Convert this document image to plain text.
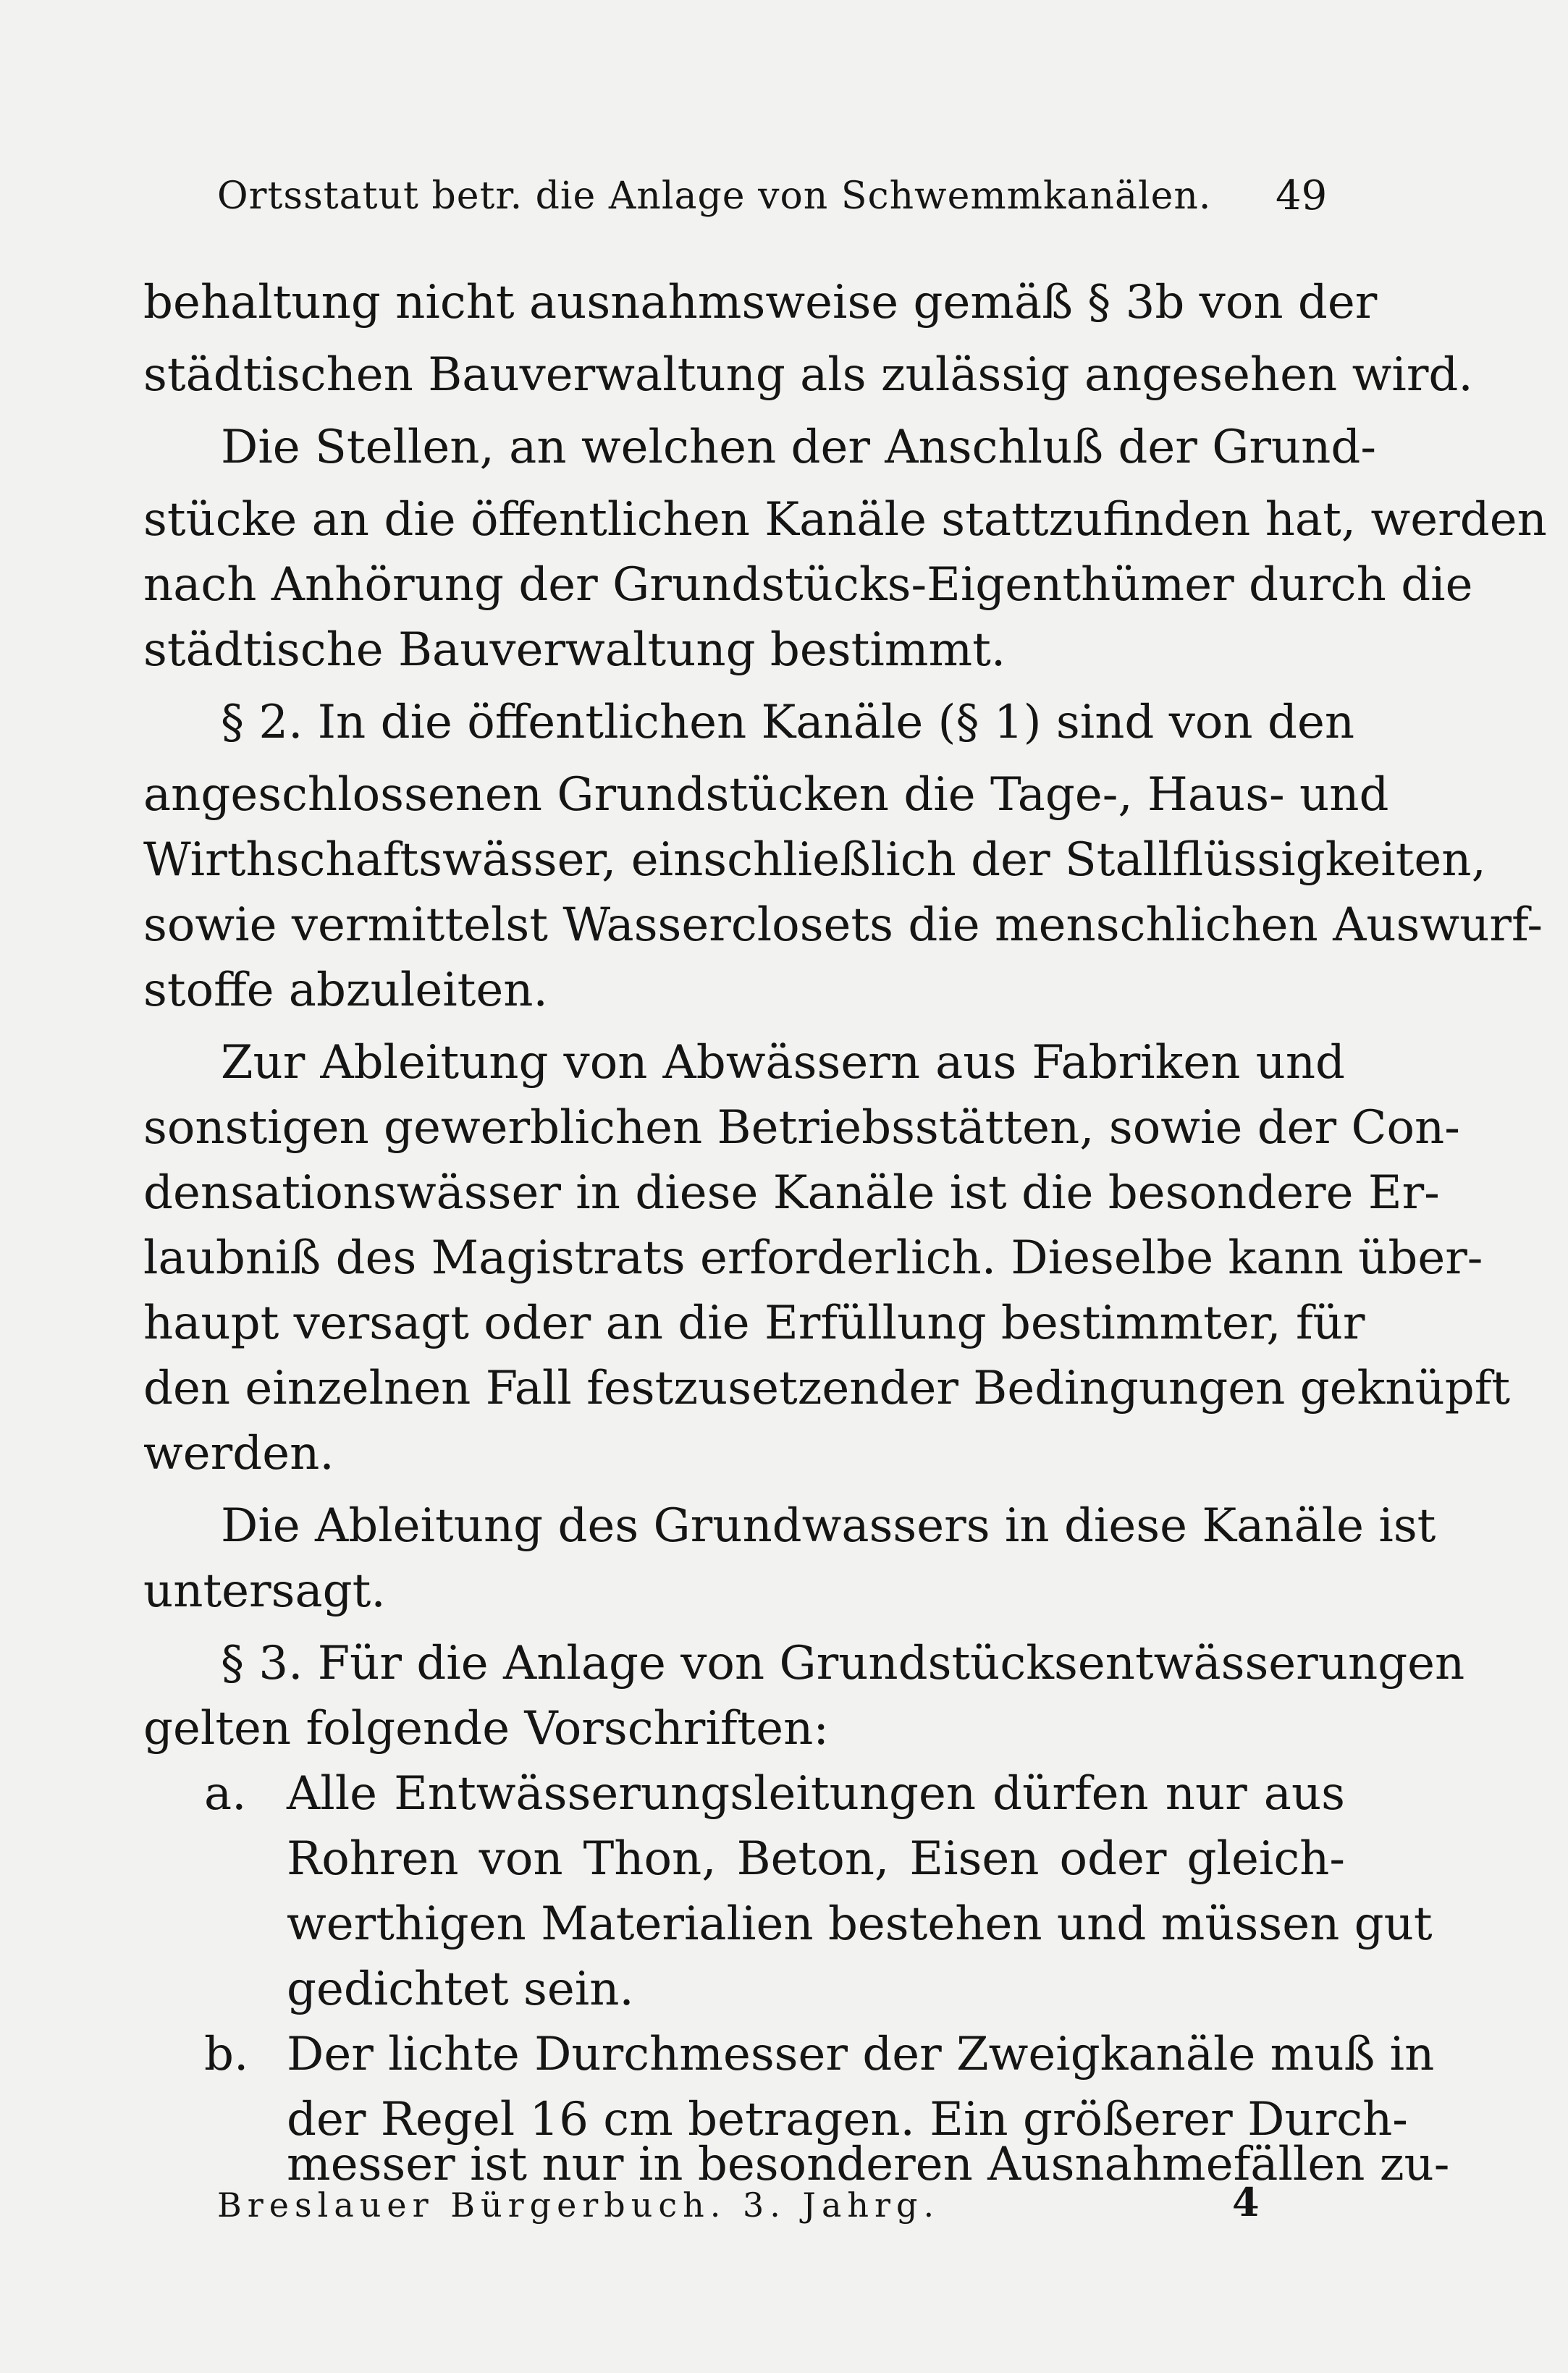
Ortsstatut betr. die Anlage von Schwemmkanälen. 49
behaltung nicht ausnahmsweise gemäß § 3b von der
städtischen Bauverwaltung als zulässig angesehen wird.
Die Stellen, an welchen der Anschluß der Grund-
stücke an die öffentlichen Kanäle stattzufinden hat, werden
nach Anhörung der Grundstücks-Eigenthümer durch die
städtische Bauverwaltung bestimmt.
§ 2. In die öffentlichen Kanäle (§ 1) sind von den
angeschlossenen Grundstücken die Tage-, Haus- und
Wirthschaftswässer, einschließlich der Stallflüssigkeiten,
sowie vermittelst Wasserclosets die menschlichen Auswurf-
stoffe abzuleiten.
Zur Ableitung von Abwässern aus Fabriken und
sonstigen gewerblichen Betriebsstätten, sowie der Con-
densationswässer in diese Kanäle ist die besondere Er-
laubniß des Magistrats erforderlich. Dieselbe kann über-
haupt versagt oder an die Erfüllung bestimmter, für
den einzelnen Fall festzusetzender Bedingungen geknüpft
werden.
Die Ableitung des Grundwassers in diese Kanäle ist
untersagt.
§ 3. Für die Anlage von Grundstücksentwässerungen
gelten folgende Vorschriften:
a. Alle Entwässerungsleitungen dürfen nur aus
Rohren von Thon, Beton, Eisen oder gleich-
werthigen Materialien bestehen und müssen gut
gedichtet sein.
b. Der lichte Durchmesser der Zweigkanäle muß in
der Regel 16 cm betragen. Ein größerer Durch-
messer ist nur in besonderen Ausnahmefällen zu-
Breslauer Bürgerbuch. 3. Jahrg.	4
